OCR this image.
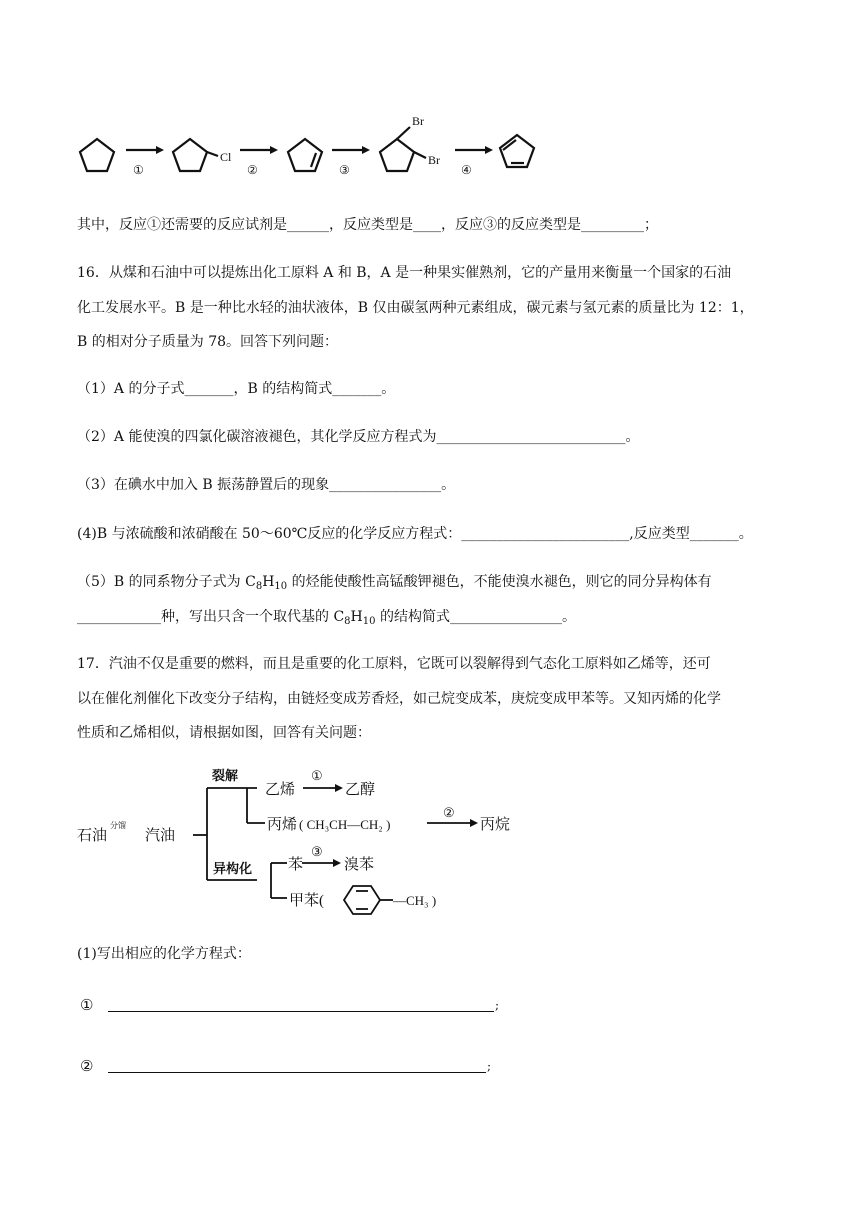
Cl
Br
Br
①	②	③	④
其中，反应①还需要的反应试剂是______，反应类型是____，反应③的反应类型是_________；
16．从煤和石油中可以提炼出化工原料 A 和 B，A 是一种果实催熟剂，它的产量用来衡量一个国家的石油
化工发展水平。B 是一种比水轻的油状液体，B 仅由碳氢两种元素组成，碳元素与氢元素的质量比为 12：1，
B 的相对分子质量为 78。回答下列问题：
（1）A 的分子式_______，B 的结构简式_______。
（2）A 能使溴的四氯化碳溶液褪色，其化学反应方程式为___________________________。
（3）在碘水中加入 B 振荡静置后的现象________________。
(4)B 与浓硫酸和浓硝酸在 50～60℃反应的化学反应方程式：________________________,反应类型_______。
（5）B 的同系物分子式为 $C_8H_{10}$ 的烃能使酸性高锰酸钾褪色，不能使溴水褪色，则它的同分异构体有
____________种，写出只含一个取代基的 $C_8H_{10}$ 的结构简式________________。
17．汽油不仅是重要的燃料，而且是重要的化工原料，它既可以裂解得到气态化工原料如乙烯等，还可
以在催化剂催化下改变分子结构，由链烃变成芳香烃，如己烷变成苯，庚烷变成甲苯等。又知丙烯的化学
性质和乙烯相似，请根据如图，回答有关问题：
石油
分馏
汽油
裂解
乙烯	乙醇
丙烯 ( CH₃CH—CH₂ )	丙烷
异构化 苯	溴苯
甲苯(	—CH₃ )
①
②
③
(1)写出相应的化学方程式：
①	;
②	;
